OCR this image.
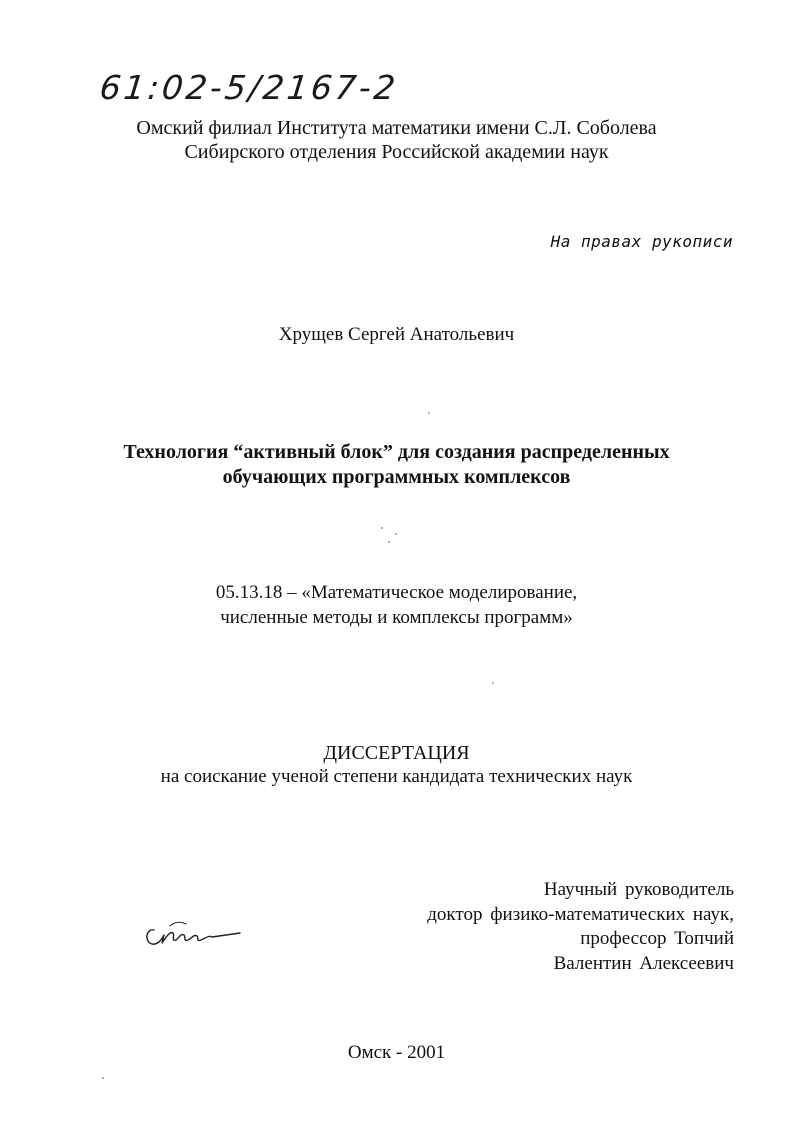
61:02-5/2167-2
Омский филиал Института математики имени С.Л. Соболева
Сибирского отделения Российской академии наук
На правах рукописи
Хрущев Сергей Анатольевич
Технология “активный блок” для создания распределенных
обучающих программных комплексов
05.13.18 – «Математическое моделирование,
численные методы и комплексы программ»
ДИССЕРТАЦИЯ
на соискание ученой степени кандидата технических наук
Научный руководитель
доктор физико-математических наук,
профессор Топчий
Валентин Алексеевич
Омск - 2001
